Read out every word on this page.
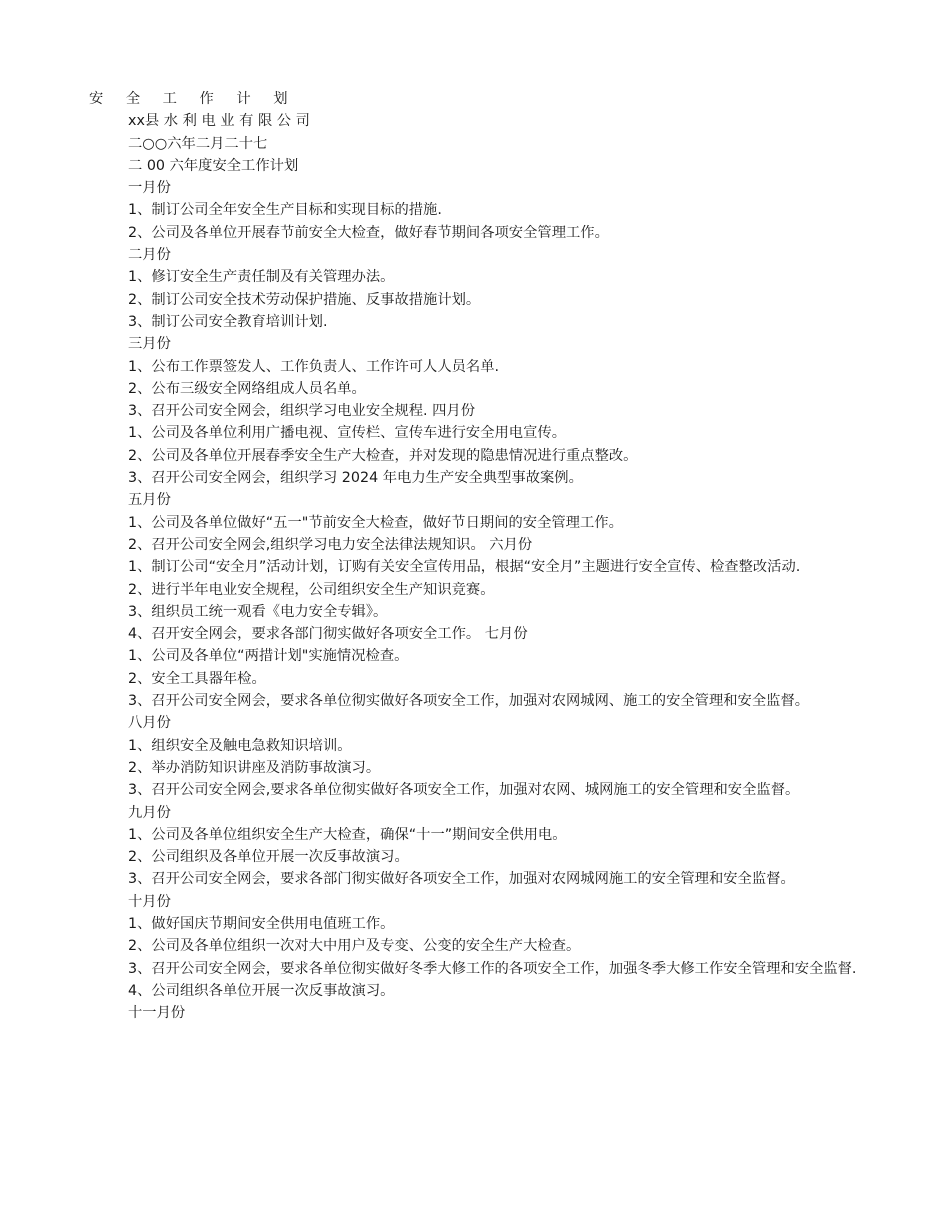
安 全 工 作 计 划

xx县 水 利 电 业 有 限 公 司

二○○六年二月二十七

二 00 六年度安全工作计划

一月份

1、制订公司全年安全生产目标和实现目标的措施.

2、公司及各单位开展春节前安全大检查，做好春节期间各项安全管理工作。

二月份

1、修订安全生产责任制及有关管理办法。

2、制订公司安全技术劳动保护措施、反事故措施计划。

3、制订公司安全教育培训计划.

三月份

1、公布工作票签发人、工作负责人、工作许可人人员名单.

2、公布三级安全网络组成人员名单。

3、召开公司安全网会，组织学习电业安全规程. 四月份

1、公司及各单位利用广播电视、宣传栏、宣传车进行安全用电宣传。

2、公司及各单位开展春季安全生产大检查，并对发现的隐患情况进行重点整改。

3、召开公司安全网会，组织学习 2024 年电力生产安全典型事故案例。

五月份

1、公司及各单位做好“五一"节前安全大检查，做好节日期间的安全管理工作。

2、召开公司安全网会,组织学习电力安全法律法规知识。 六月份

1、制订公司“安全月”活动计划，订购有关安全宣传用品，根据“安全月”主题进行安全宣传、检查整改活动.

2、进行半年电业安全规程，公司组织安全生产知识竞赛。

3、组织员工统一观看《电力安全专辑》。

4、召开安全网会，要求各部门彻实做好各项安全工作。 七月份

1、公司及各单位“两措计划"实施情况检查。

2、安全工具器年检。

3、召开公司安全网会，要求各单位彻实做好各项安全工作，加强对农网城网、施工的安全管理和安全监督。

八月份

1、组织安全及触电急救知识培训。

2、举办消防知识讲座及消防事故演习。

3、召开公司安全网会,要求各单位彻实做好各项安全工作，加强对农网、城网施工的安全管理和安全监督。

九月份

1、公司及各单位组织安全生产大检查，确保“十一”期间安全供用电。

2、公司组织及各单位开展一次反事故演习。

3、召开公司安全网会，要求各部门彻实做好各项安全工作，加强对农网城网施工的安全管理和安全监督。

十月份

1、做好国庆节期间安全供用电值班工作。

2、公司及各单位组织一次对大中用户及专变、公变的安全生产大检查。

3、召开公司安全网会，要求各单位彻实做好冬季大修工作的各项安全工作，加强冬季大修工作安全管理和安全监督.

4、公司组织各单位开展一次反事故演习。

十一月份
